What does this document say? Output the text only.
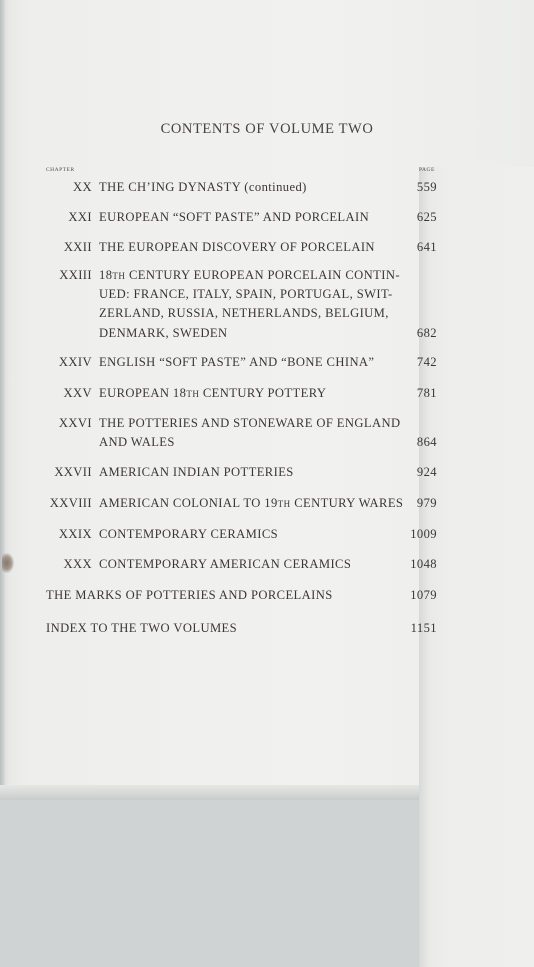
CONTENTS OF VOLUME TWO
CHAPTER	PAGE
XX THE CH’ING DYNASTY (continued)	559
XXI EUROPEAN “SOFT PASTE” AND PORCELAIN	625
XXII THE EUROPEAN DISCOVERY OF PORCELAIN	641
XXIII 18TH CENTURY EUROPEAN PORCELAIN CONTIN-
UED: FRANCE, ITALY, SPAIN, PORTUGAL, SWIT-
ZERLAND, RUSSIA, NETHERLANDS, BELGIUM,
DENMARK, SWEDEN	682
XXIV ENGLISH “SOFT PASTE” AND “BONE CHINA”	742
XXV EUROPEAN 18TH CENTURY POTTERY	781
XXVI THE POTTERIES AND STONEWARE OF ENGLAND
AND WALES	864
XXVII AMERICAN INDIAN POTTERIES	924
XXVIII AMERICAN COLONIAL TO 19TH CENTURY WARES	979
XXIX CONTEMPORARY CERAMICS	1009
XXX CONTEMPORARY AMERICAN CERAMICS	1048
THE MARKS OF POTTERIES AND PORCELAINS	1079
INDEX TO THE TWO VOLUMES	1151
